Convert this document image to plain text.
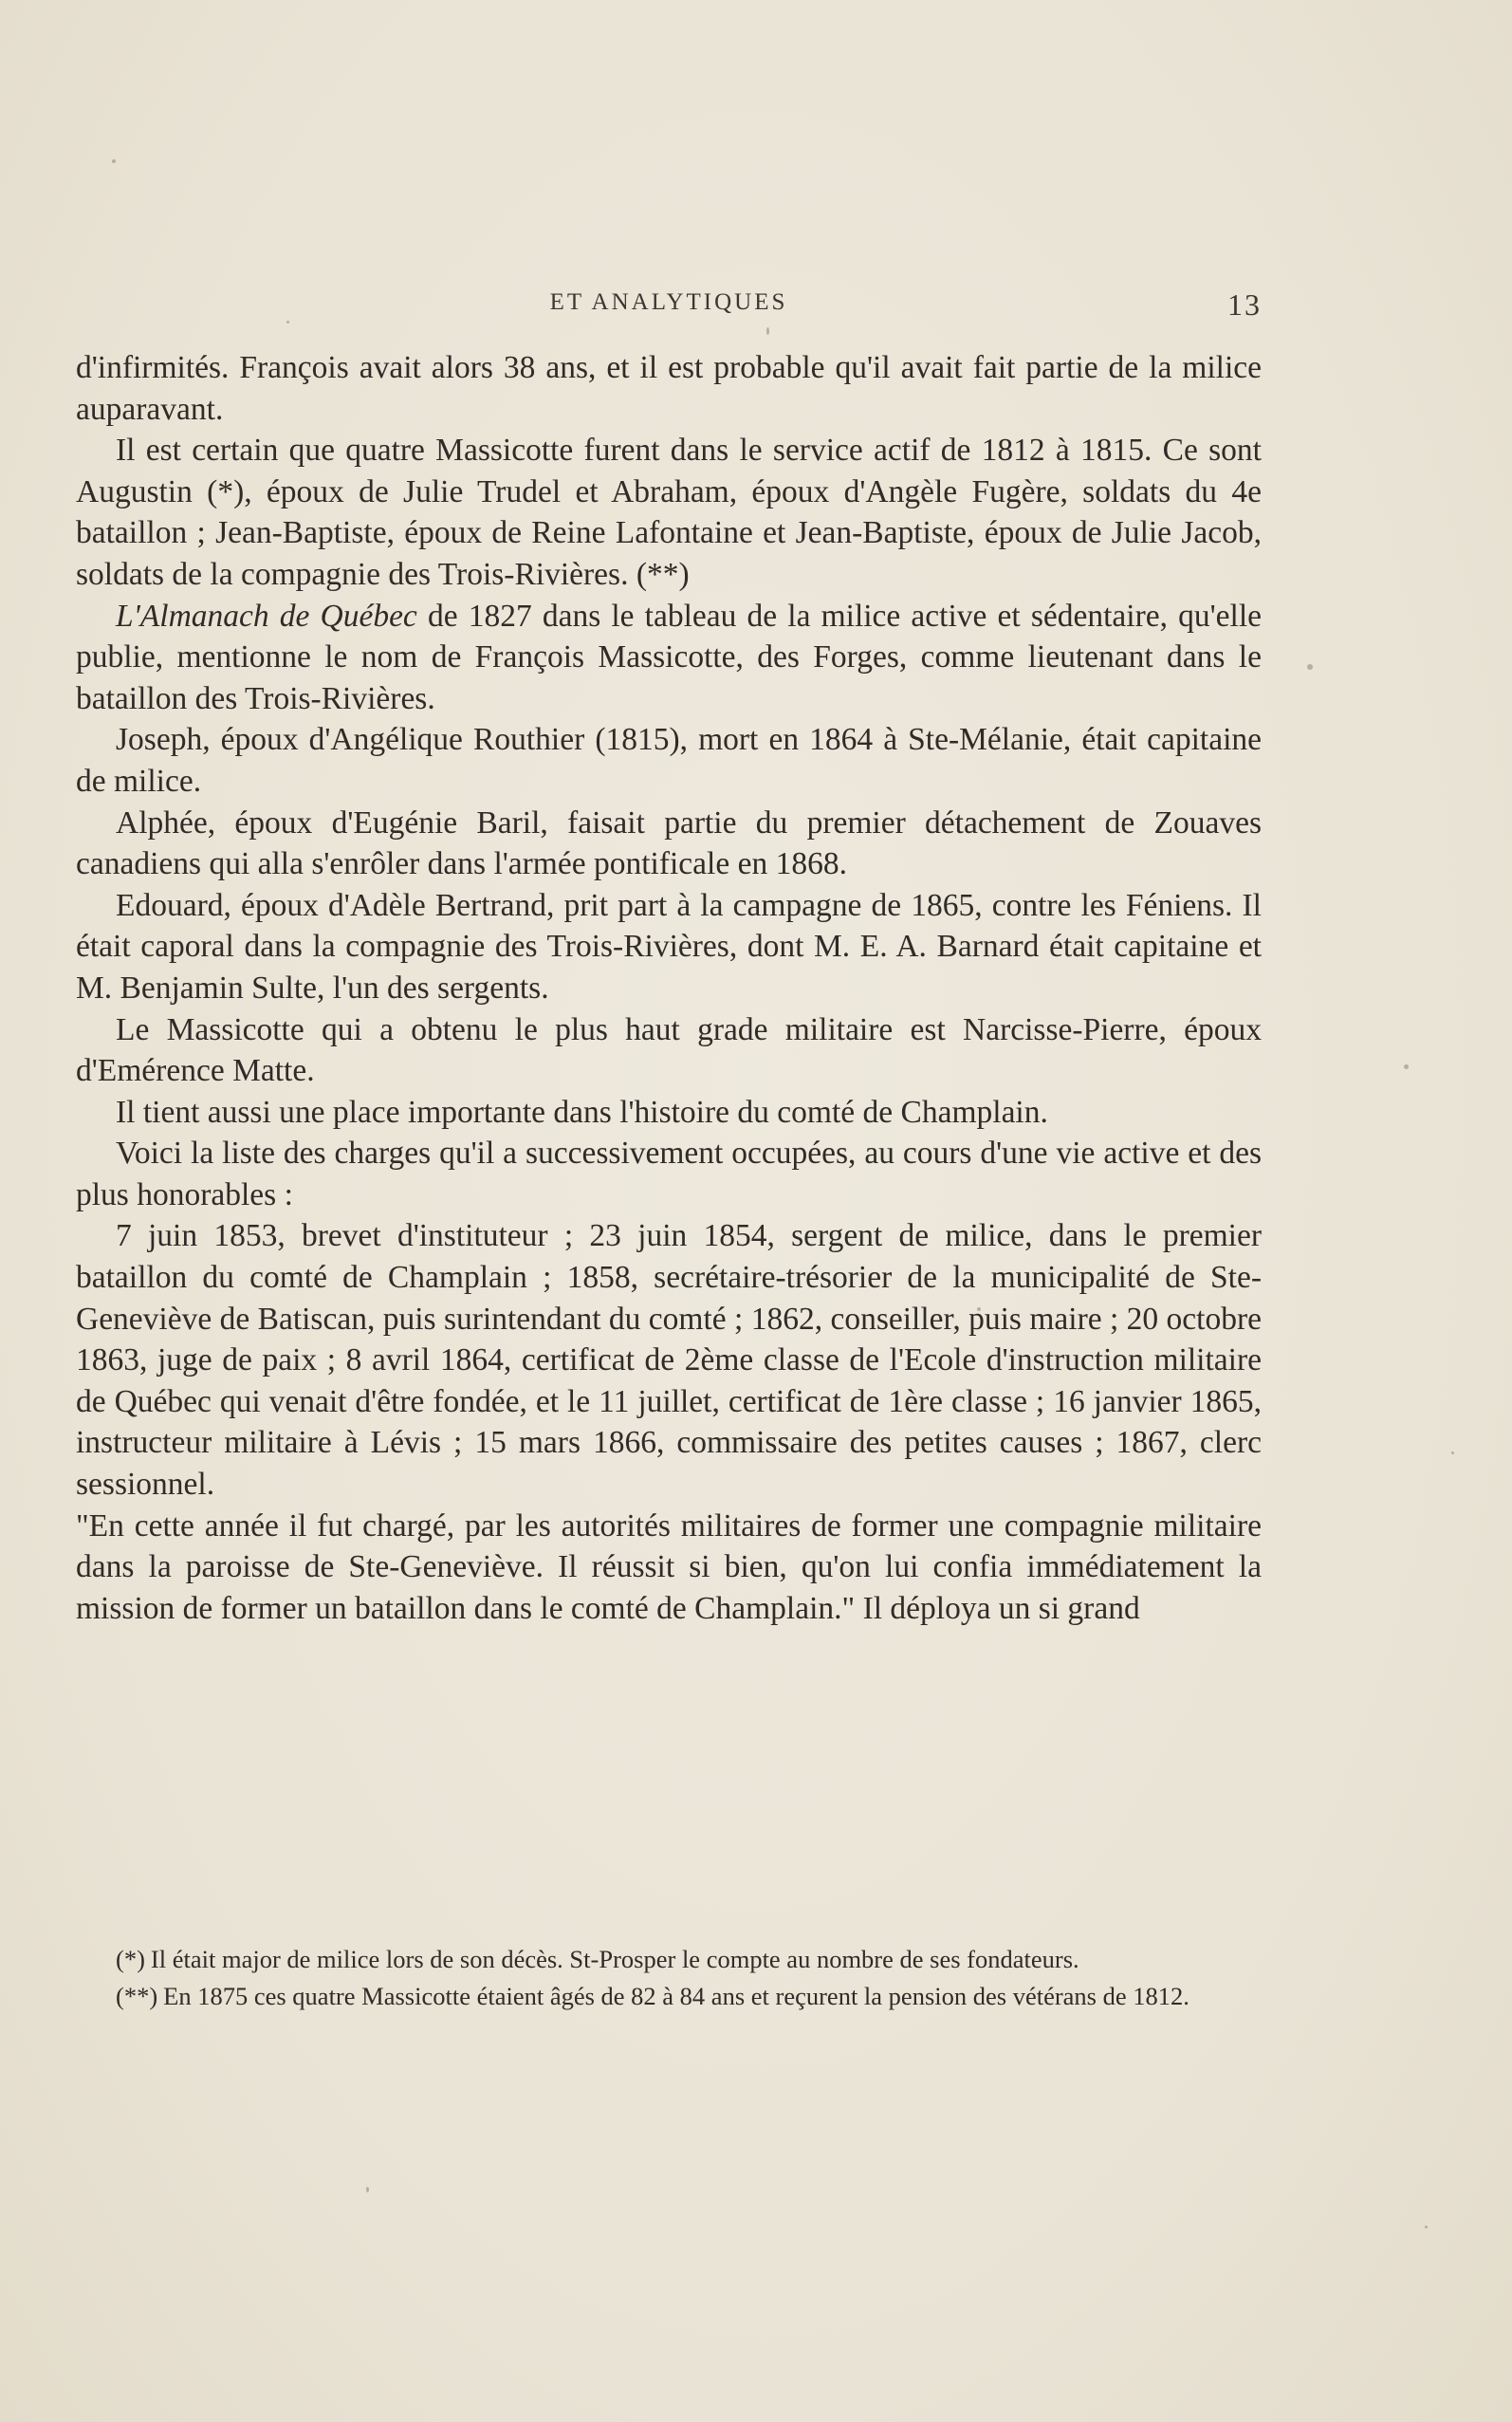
ET ANALYTIQUES	13

d'infirmités. François avait alors 38 ans, et il est probable qu'il avait fait partie de la milice auparavant.

Il est certain que quatre Massicotte furent dans le service actif de 1812 à 1815. Ce sont Augustin (*), époux de Julie Trudel et Abraham, époux d'Angèle Fugère, soldats du 4e bataillon ; Jean-Baptiste, époux de Reine Lafontaine et Jean-Baptiste, époux de Julie Jacob, soldats de la compagnie des Trois-Rivières. (**)

L'Almanach de Québec de 1827 dans le tableau de la milice active et sédentaire, qu'elle publie, mentionne le nom de François Massicotte, des Forges, comme lieutenant dans le bataillon des Trois-Rivières.

Joseph, époux d'Angélique Routhier (1815), mort en 1864 à Ste-Mélanie, était capitaine de milice.

Alphée, époux d'Eugénie Baril, faisait partie du premier détachement de Zouaves canadiens qui alla s'enrôler dans l'armée pontificale en 1868.

Edouard, époux d'Adèle Bertrand, prit part à la campagne de 1865, contre les Féniens. Il était caporal dans la compagnie des Trois-Rivières, dont M. E. A. Barnard était capitaine et M. Benjamin Sulte, l'un des sergents.

Le Massicotte qui a obtenu le plus haut grade militaire est Narcisse-Pierre, époux d'Emérence Matte.

Il tient aussi une place importante dans l'histoire du comté de Champlain.

Voici la liste des charges qu'il a successivement occupées, au cours d'une vie active et des plus honorables :

7 juin 1853, brevet d'instituteur ; 23 juin 1854, sergent de milice, dans le premier bataillon du comté de Champlain ; 1858, secrétaire-trésorier de la municipalité de Ste-Geneviève de Batiscan, puis surintendant du comté ; 1862, conseiller, puis maire ; 20 octobre 1863, juge de paix ; 8 avril 1864, certificat de 2ème classe de l'Ecole d'instruction militaire de Québec qui venait d'être fondée, et le 11 juillet, certificat de 1ère classe ; 16 janvier 1865, instructeur militaire à Lévis ; 15 mars 1866, commissaire des petites causes ; 1867, clerc sessionnel.

"En cette année il fut chargé, par les autorités militaires de former une compagnie militaire dans la paroisse de Ste-Geneviève. Il réussit si bien, qu'on lui confia immédiatement la mission de former un bataillon dans le comté de Champlain." Il déploya un si grand

(*) Il était major de milice lors de son décès. St-Prosper le compte au nombre de ses fondateurs.

(**) En 1875 ces quatre Massicotte étaient âgés de 82 à 84 ans et reçurent la pension des vétérans de 1812.
